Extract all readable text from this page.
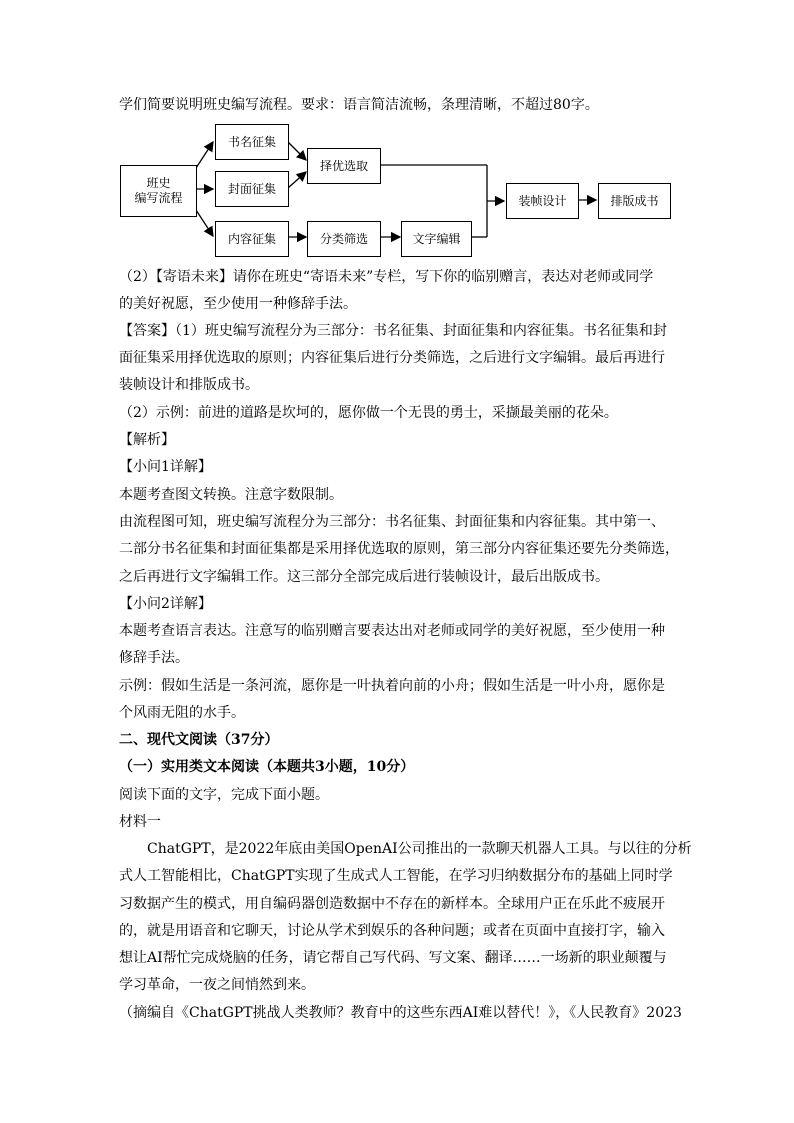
学们简要说明班史编写流程。要求：语言简洁流畅，条理清晰，不超过80字。
班史
编写流程
书名征集
封面征集
内容征集
择优选取
分类筛选	文字编辑
装帧设计	排版成书
（2）【寄语未来】请你在班史“寄语未来”专栏，写下你的临别赠言，表达对老师或同学
的美好祝愿，至少使用一种修辞手法。
【答案】（1）班史编写流程分为三部分：书名征集、封面征集和内容征集。书名征集和封
面征集采用择优选取的原则；内容征集后进行分类筛选，之后进行文字编辑。最后再进行
装帧设计和排版成书。
（2）示例：前进的道路是坎坷的，愿你做一个无畏的勇士，采撷最美丽的花朵。
【解析】
【小问1详解】
本题考查图文转换。注意字数限制。
由流程图可知，班史编写流程分为三部分：书名征集、封面征集和内容征集。其中第一、
二部分书名征集和封面征集都是采用择优选取的原则，第三部分内容征集还要先分类筛选，
之后再进行文字编辑工作。这三部分全部完成后进行装帧设计，最后出版成书。
【小问2详解】
本题考查语言表达。注意写的临别赠言要表达出对老师或同学的美好祝愿，至少使用一种
修辞手法。
示例：假如生活是一条河流，愿你是一叶执着向前的小舟；假如生活是一叶小舟，愿你是
个风雨无阻的水手。
二、现代文阅读（37分）
（一）实用类文本阅读（本题共3小题，10分）
阅读下面的文字，完成下面小题。
材料一
ChatGPT，是2022年底由美国OpenAI公司推出的一款聊天机器人工具。与以往的分析
式人工智能相比，ChatGPT实现了生成式人工智能，在学习归纳数据分布的基础上同时学
习数据产生的模式，用自编码器创造数据中不存在的新样本。全球用户正在乐此不疲展开
的，就是用语音和它聊天，讨论从学术到娱乐的各种问题；或者在页面中直接打字，输入
想让AI帮忙完成烧脑的任务，请它帮自己写代码、写文案、翻译……一场新的职业颠覆与
学习革命，一夜之间悄然到来。
（摘编自《ChatGPT挑战人类教师？教育中的这些东西AI难以替代！》，《人民教育》2023
